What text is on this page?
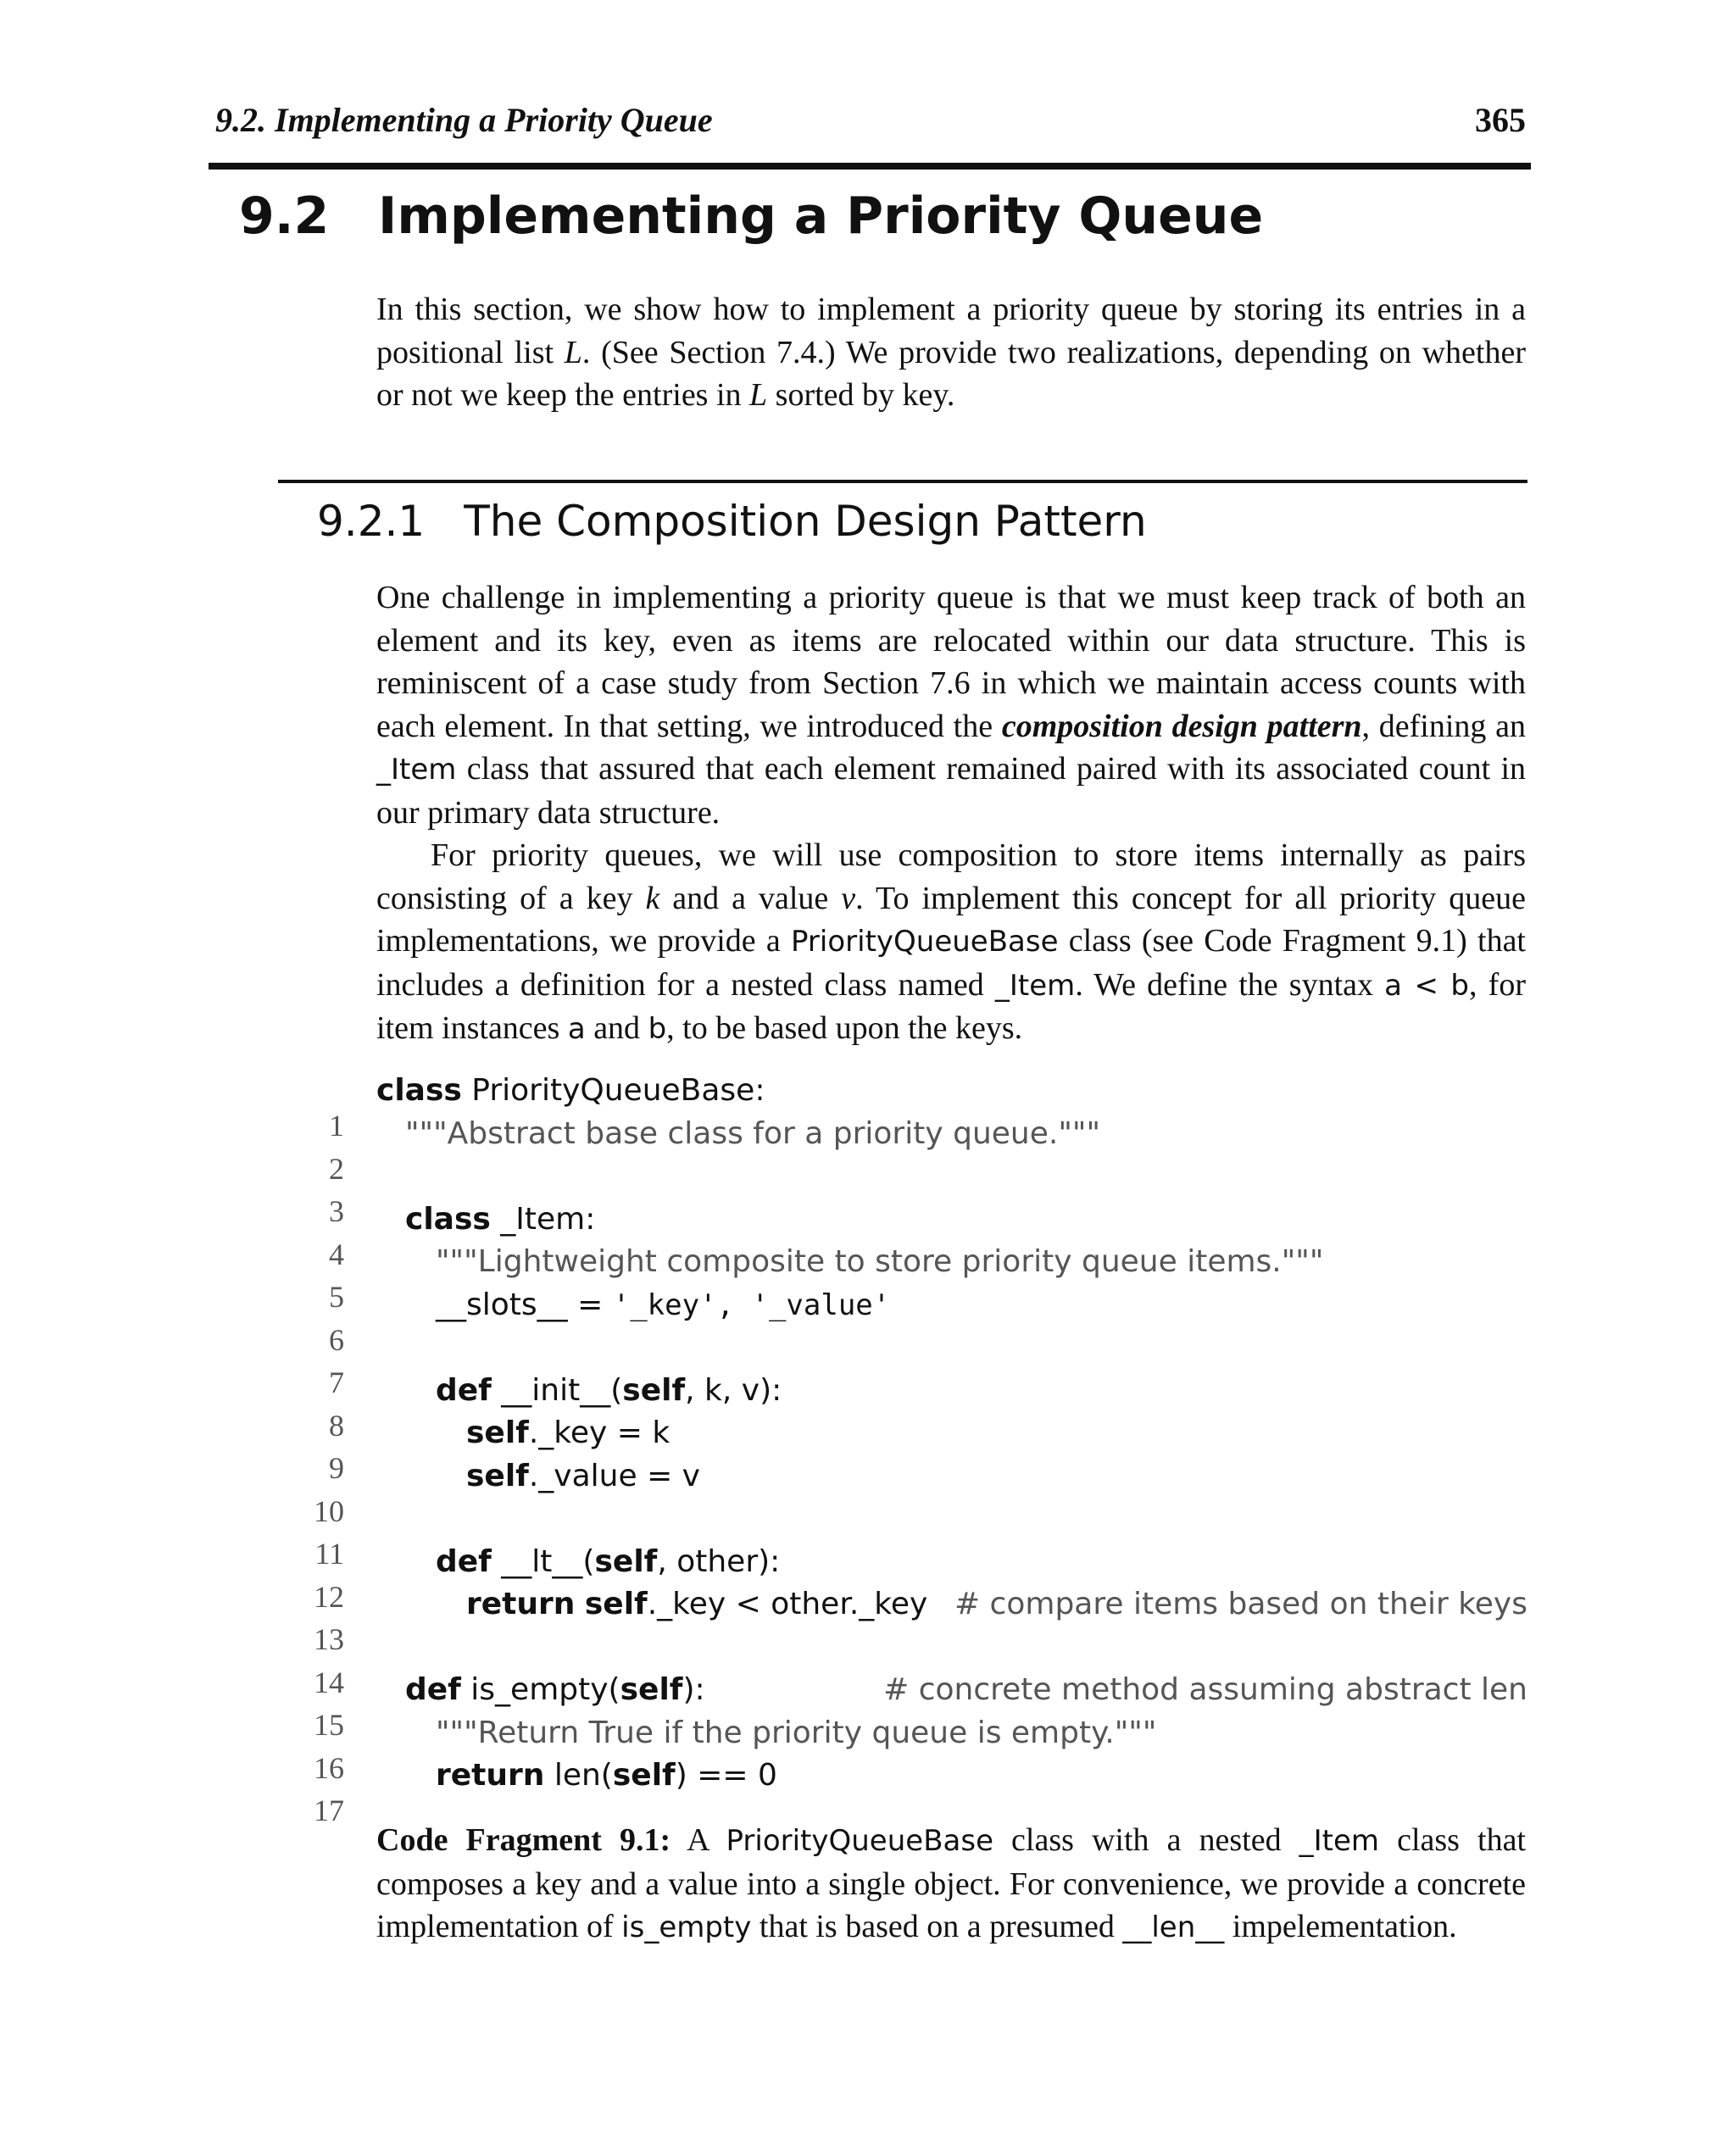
9.2. Implementing a Priority Queue	365
9.2 Implementing a Priority Queue

In this section, we show how to implement a priority queue by storing its entries in a positional list L. (See Section 7.4.) We provide two realizations, depending on whether or not we keep the entries in L sorted by key.

9.2.1 The Composition Design Pattern

One challenge in implementing a priority queue is that we must keep track of both an element and its key, even as items are relocated within our data structure. This is reminiscent of a case study from Section 7.6 in which we maintain access counts with each element. In that setting, we introduced the composition design pattern, defining an _Item class that assured that each element remained paired with its associated count in our primary data structure.

For priority queues, we will use composition to store items internally as pairs consisting of a key k and a value v. To implement this concept for all priority queue implementations, we provide a PriorityQueueBase class (see Code Fragment 9.1) that includes a definition for a nested class named _Item. We define the syntax a < b, for item instances a and b, to be based upon the keys.

1

class PriorityQueueBase:

2

"""Abstract base class for a priority queue."""

3

4

class _Item:

5

"""Lightweight composite to store priority queue items."""

6

__slots__ = '_key', '_value'

7

8

def __init__(self, k, v):

9

self._key = k

10

self._value = v

11

12

def __lt__(self, other):

13

return self._key < other._key

# compare items based on their keys

14

15

def is_empty(self):

	# concrete method assuming abstract len

16

"""Return True if the priority queue is empty."""

17

return len(self) == 0

Code Fragment 9.1: A PriorityQueueBase class with a nested _Item class that composes a key and a value into a single object. For convenience, we provide a concrete implementation of is_empty that is based on a presumed __len__ impelementation.
